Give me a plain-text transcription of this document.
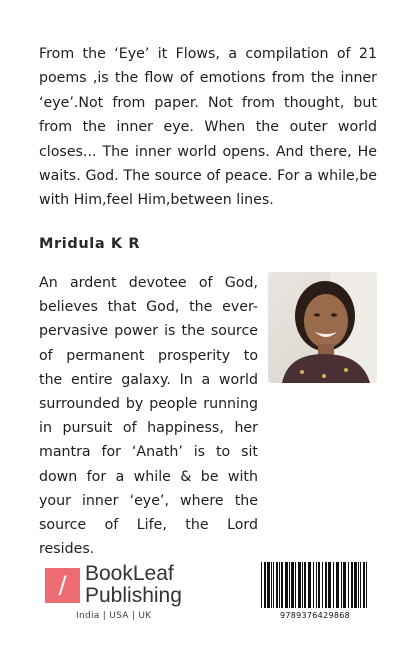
From the ‘Eye’ it Flows, a compilation of 21 poems ,is the flow of emotions from the inner ‘eye’.Not from paper. Not from thought, but from the inner eye. When the outer world closes... The inner world opens. And there, He waits. God. The source of peace. For a while,be with Him,feel Him,between lines.

Mridula K R

An ardent devotee of God, believes that God, the ever-pervasive power is the source of permanent prosperity to the entire galaxy. In a world surrounded by people running in pursuit of happiness, her mantra for ‘Anath’ is to sit down for a while & be with your inner ‘eye’, where the source of Life, the Lord resides.

/ BookLeaf
Publishing
India | USA | UK	9789376429868
